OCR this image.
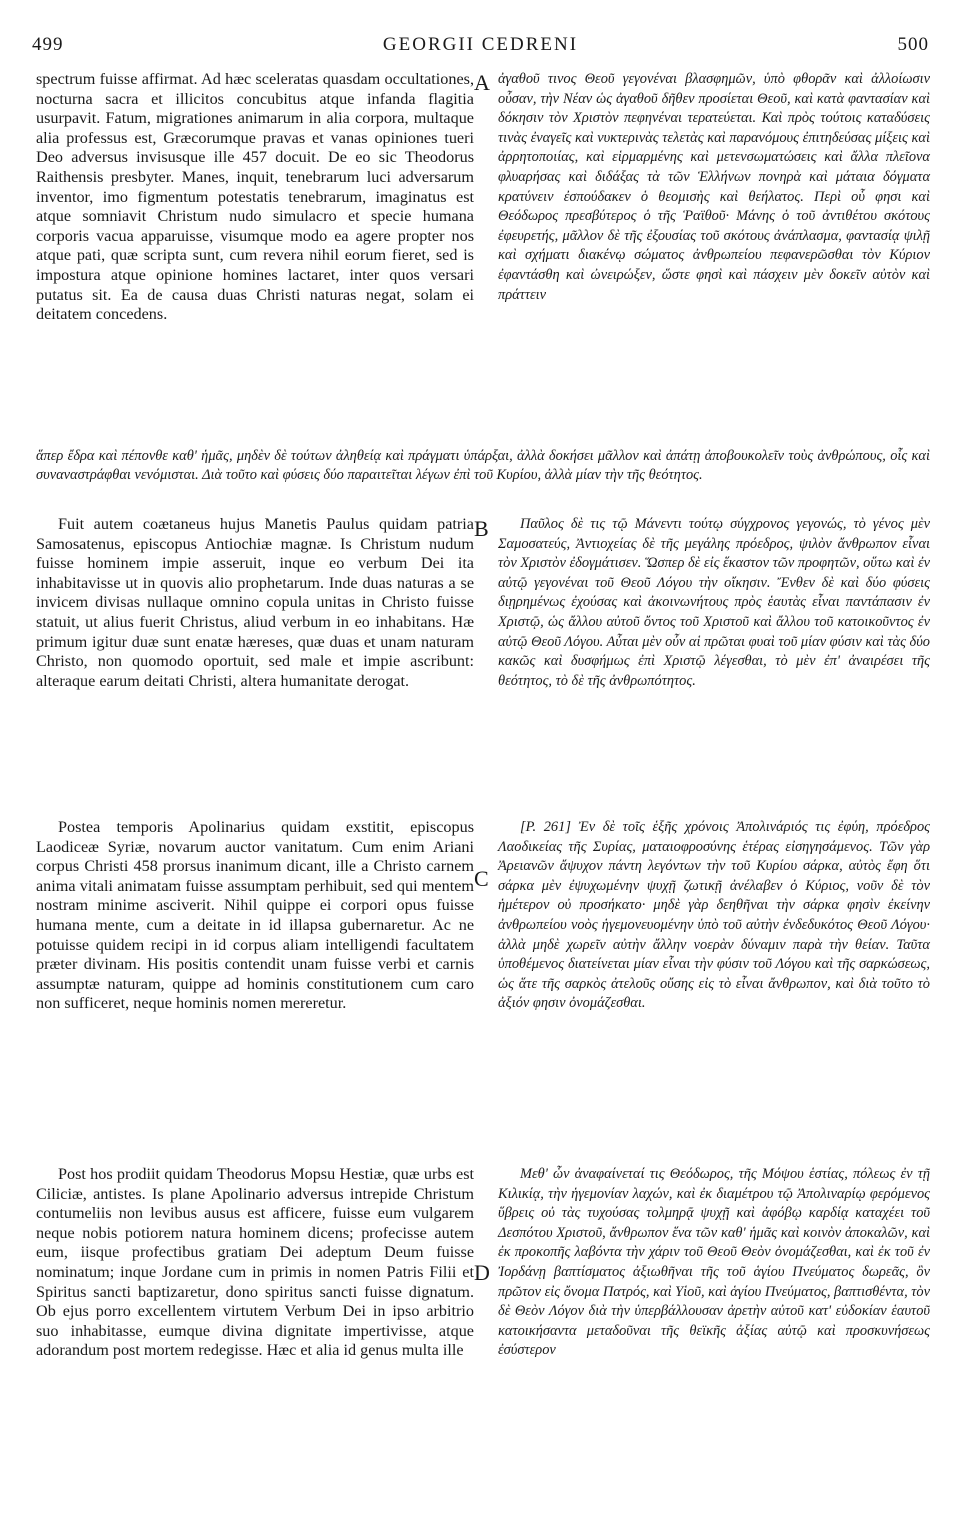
499	GEORGII CEDRENI	500
A

spectrum fuisse affirmat. Ad hæc sceleratas quasdam occultationes, nocturna sacra et illicitos concubitus atque infanda flagitia usurpavit. Fatum, migrationes animarum in alia corpora, multaque alia professus est, Græcorumque pravas et vanas opiniones tueri Deo adversus invisusque ille 457 docuit. De eo sic Theodorus Raithensis presbyter. Manes, inquit, tenebrarum luci adversarum inventor, imo figmentum potestatis tenebrarum, imaginatus est atque somniavit Christum nudo simulacro et specie humana corporis vacua apparuisse, visumque modo ea agere propter nos atque pati, quæ scripta sunt, cum revera nihil eorum fieret, sed is impostura atque opinione homines lactaret, inter quos versari putatus sit. Ea de causa duas Christi naturas negat, solam ei deitatem concedens.

ἀγαθοῦ τινος Θεοῦ γεγονέναι βλασφημῶν, ὑπὸ φθορᾶν καὶ ἀλλοίωσιν οὖσαν, τὴν Νέαν ὡς ἀγαθοῦ δῆθεν προσίεται Θεοῦ, καὶ κατὰ φαντασίαν καὶ δόκησιν τὸν Χριστὸν πεφηνέναι τερατεύεται. Καὶ πρὸς τούτοις καταδύσεις τινὰς ἐναγεῖς καὶ νυκτερινὰς τελετὰς καὶ παρανόμους ἐπιτηδεύσας μίξεις καὶ ἀρρητοποιίας, καὶ εἱρμαρμένης καὶ μετενσωματώσεις καὶ ἄλλα πλεῖονα φλυαρήσας καὶ διδάξας τὰ τῶν Ἑλλήνων πονηρὰ καὶ μάταια δόγματα κρατύνειν ἐσπούδακεν ὁ θεομισὴς καὶ θεήλατος. Περὶ οὗ φησι καὶ Θεόδωρος πρεσβύτερος ὁ τῆς Ῥαϊθοῦ· Μάνης ὁ τοῦ ἀντιθέτου σκότους ἐφευρετής, μᾶλλον δὲ τῆς ἐξουσίας τοῦ σκότους ἀνάπλασμα, φαντασίᾳ ψιλῇ καὶ σχήματι διακένῳ σώματος ἀνθρωπείου πεφανερῶσθαι τὸν Κύριον ἐφαντάσθη καὶ ὠνειρώξεν, ὥστε φησὶ καὶ πάσχειν μὲν δοκεῖν αὐτὸν καὶ πράττειν

ἅπερ ἔδρα καὶ πέπονθε καθ' ἡμᾶς, μηδὲν δὲ τούτων ἀληθείᾳ καὶ πράγματι ὑπάρξαι, ἀλλὰ δοκήσει μᾶλλον καὶ ἀπάτῃ ἀποβουκολεῖν τοὺς ἀνθρώπους, οἷς καὶ συναναστράφθαι νενόμισται. Διὰ τοῦτο καὶ φύσεις δύο παραιτεῖται λέγων ἐπὶ τοῦ Κυρίου, ἀλλὰ μίαν τὴν τῆς θεότητος.

B

Fuit autem coætaneus hujus Manetis Paulus quidam patria Samosatenus, episcopus Antiochiæ magnæ. Is Christum nudum fuisse hominem impie asseruit, inque eo verbum Dei ita inhabitavisse ut in quovis alio prophetarum. Inde duas naturas a se invicem divisas nullaque omnino copula unitas in Christo fuisse statuit, ut alius fuerit Christus, aliud verbum in eo inhabitans. Hæ primum igitur duæ sunt enatæ hæreses, quæ duas et unam naturam Christo, non quomodo oportuit, sed male et impie ascribunt: alteraque earum deitati Christi, altera humanitate derogat.

Παῦλος δὲ τις τῷ Μάνεντι τούτῳ σύγχρονος γεγονώς, τὸ γένος μὲν Σαμοσατεύς, Ἀντιοχείας δὲ τῆς μεγάλης πρόεδρος, ψιλὸν ἄνθρωπον εἶναι τὸν Χριστὸν ἐδογμάτισεν. Ὥσπερ δὲ εἰς ἕκαστον τῶν προφητῶν, οὕτω καὶ ἐν αὐτῷ γεγονέναι τοῦ Θεοῦ Λόγου τὴν οἴκησιν. Ἔνθεν δὲ καὶ δύο φύσεις διῃρημένως ἐχούσας καὶ ἀκοινωνήτους πρὸς ἑαυτὰς εἶναι παντάπασιν ἐν Χριστῷ, ὡς ἄλλου αὐτοῦ ὄντος τοῦ Χριστοῦ καὶ ἄλλου τοῦ κατοικοῦντος ἐν αὐτῷ Θεοῦ Λόγου. Αὗται μὲν οὖν αἱ πρῶται φυαὶ τοῦ μίαν φύσιν καὶ τὰς δύο κακῶς καὶ δυσφήμως ἐπὶ Χριστῷ λέγεσθαι, τὸ μὲν ἐπ' ἀναιρέσει τῆς θεότητος, τὸ δὲ τῆς ἀνθρωπότητος.

C

Postea temporis Apolinarius quidam exstitit, episcopus Laodiceæ Syriæ, novarum auctor vanitatum. Cum enim Ariani corpus Christi 458 prorsus inanimum dicant, ille a Christo carnem anima vitali animatam fuisse assumptam perhibuit, sed qui mentem nostram minime asciverit. Nihil quippe ei corpori opus fuisse humana mente, cum a deitate in id illapsa gubernaretur. Ac ne potuisse quidem recipi in id corpus aliam intelligendi facultatem præter divinam. His positis contendit unam fuisse verbi et carnis assumptæ naturam, quippe ad hominis constitutionem cum caro non sufficeret, neque hominis nomen mereretur.

[P. 261] Ἐν δὲ τοῖς ἑξῆς χρόνοις Ἀπολινάριός τις ἐφύη, πρόεδρος Λαοδικείας τῆς Συρίας, ματαιοφροσύνης ἑτέρας εἰσηγησάμενος. Τῶν γὰρ Ἀρειανῶν ἄψυχον πάντη λεγόντων τὴν τοῦ Κυρίου σάρκα, αὐτὸς ἔφη ὅτι σάρκα μὲν ἐψυχωμένην ψυχῇ ζωτικῇ ἀνέλαβεν ὁ Κύριος, νοῦν δὲ τὸν ἡμέτερον οὐ προσήκατο· μηδὲ γὰρ δεηθῆναι τὴν σάρκα φησὶν ἐκείνην ἀνθρωπείου νοὸς ἡγεμονευομένην ὑπὸ τοῦ αὐτὴν ἐνδεδυκότος Θεοῦ Λόγου· ἀλλὰ μηδὲ χωρεῖν αὐτὴν ἄλλην νοερὰν δύναμιν παρὰ τὴν θείαν. Ταῦτα ὑποθέμενος διατείνεται μίαν εἶναι τὴν φύσιν τοῦ Λόγου καὶ τῆς σαρκώσεως, ὡς ἅτε τῆς σαρκὸς ἀτελοῦς οὔσης εἰς τὸ εἶναι ἄνθρωπον, καὶ διὰ τοῦτο τὸ ἀξιόν φησιν ὀνομάζεσθαι.

D

Post hos prodiit quidam Theodorus Mopsu Hestiæ, quæ urbs est Ciliciæ, antistes. Is plane Apolinario adversus intrepide Christum contumeliis non levibus ausus est afficere, fuisse eum vulgarem neque nobis potiorem natura hominem dicens; profecisse autem eum, iisque profectibus gratiam Dei adeptum Deum fuisse nominatum; inque Jordane cum in primis in nomen Patris Filii et Spiritus sancti baptizaretur, dono spiritus sancti fuisse dignatum. Ob ejus porro excellentem virtutem Verbum Dei in ipso arbitrio suo inhabitasse, eumque divina dignitate impertivisse, atque adorandum post mortem redegisse. Hæc et alia id genus multa ille

Μεθ' ὧν ἀναφαίνεταί τις Θεόδωρος, τῆς Μόψου ἑστίας, πόλεως ἐν τῇ Κιλικίᾳ, τὴν ἡγεμονίαν λαχών, καὶ ἐκ διαμέτρου τῷ Ἀπολιναρίῳ φερόμενος ὕβρεις οὐ τὰς τυχούσας τολμηρᾷ ψυχῇ καὶ ἀφόβῳ καρδίᾳ καταχέει τοῦ Δεσπότου Χριστοῦ, ἄνθρωπον ἕνα τῶν καθ' ἡμᾶς καὶ κοινὸν ἀποκαλῶν, καὶ ἐκ προκοπῆς λαβόντα τὴν χάριν τοῦ Θεοῦ Θεὸν ὀνομάζεσθαι, καὶ ἐκ τοῦ ἐν Ἰορδάνῃ βαπτίσματος ἀξιωθῆναι τῆς τοῦ ἁγίου Πνεύματος δωρεᾶς, ὃν πρῶτον εἰς ὄνομα Πατρός, καὶ Υἱοῦ, καὶ ἁγίου Πνεύματος, βαπτισθέντα, τὸν δὲ Θεὸν Λόγον διὰ τὴν ὑπερβάλλουσαν ἀρετὴν αὐτοῦ κατ' εὐδοκίαν ἑαυτοῦ κατοικήσαντα μεταδοῦναι τῆς θεϊκῆς ἀξίας αὐτῷ καὶ προσκυνήσεως ἐσύστερον
